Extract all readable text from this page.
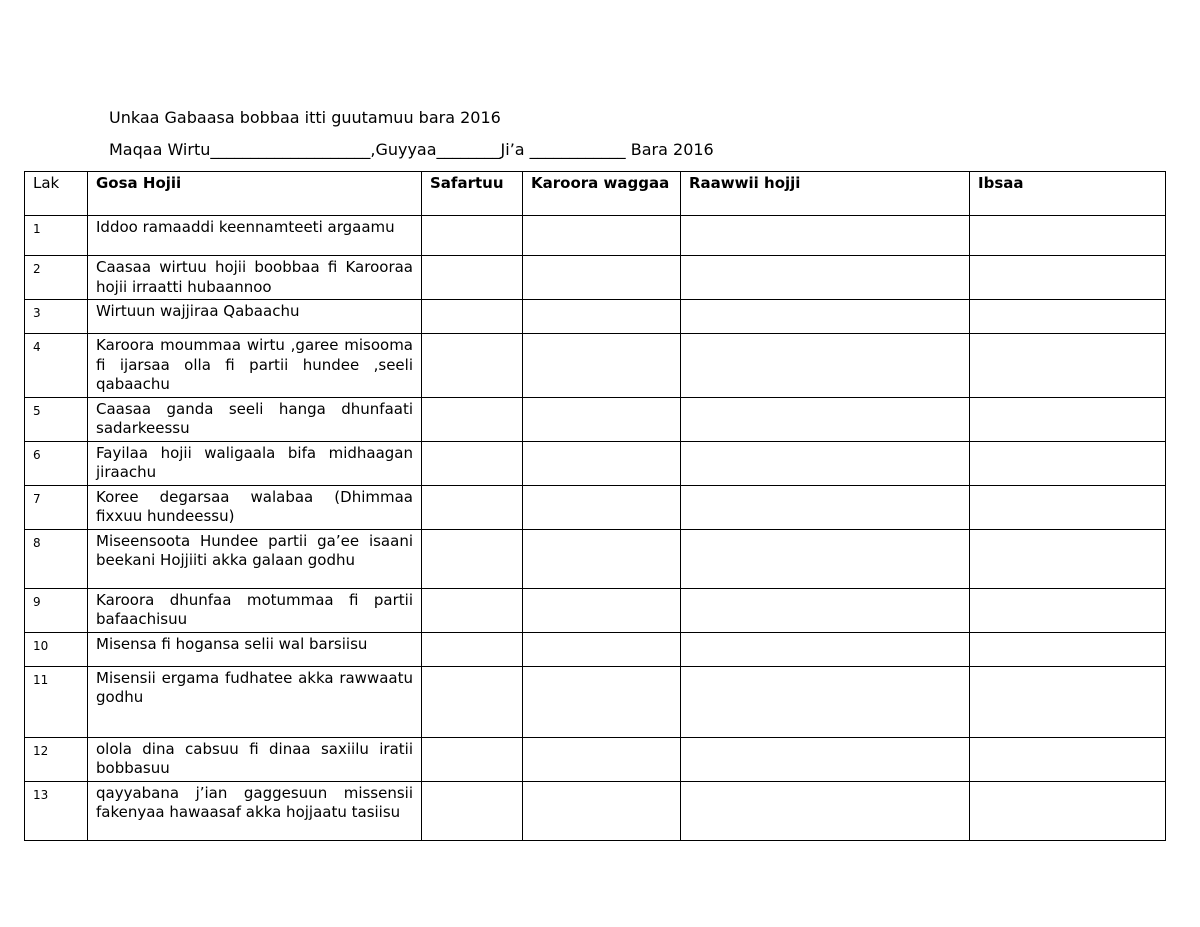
Unkaa Gabaasa bobbaa itti guutamuu bara 2016
Maqaa Wirtu____________________,Guyyaa________Ji’a ____________ Bara 2016
Lak	Gosa Hojii	Safartuu	Karoora waggaa	Raawwii hojji	Ibsaa
1	Iddoo ramaaddi keennamteeti argaamu				
2	Caasaa wirtuu hojii boobbaa fi Karooraa hojii irraatti hubaannoo				
3	Wirtuun wajjiraa Qabaachu				
4	Karoora moummaa wirtu ,garee misooma fi ijarsaa olla fi partii hundee ,seeli qabaachu				
5	Caasaa ganda seeli hanga dhunfaati sadarkeessu				
6	Fayilaa hojii waligaala bifa midhaagan jiraachu				
7	Koree degarsaa walabaa (Dhimmaa fixxuu hundeessu)				
8	Miseensoota Hundee partii ga’ee isaani beekani Hojjiiti akka galaan godhu				
9	Karoora dhunfaa motummaa fi partii bafaachisuu				
10	Misensa fi hogansa selii wal barsiisu				
11	Misensii ergama fudhatee akka rawwaatu godhu				
12	olola dina cabsuu fi dinaa saxiilu iratii bobbasuu				
13	qayyabana j’ian gaggesuun missensii fakenyaa hawaasaf akka hojjaatu tasiisu				
